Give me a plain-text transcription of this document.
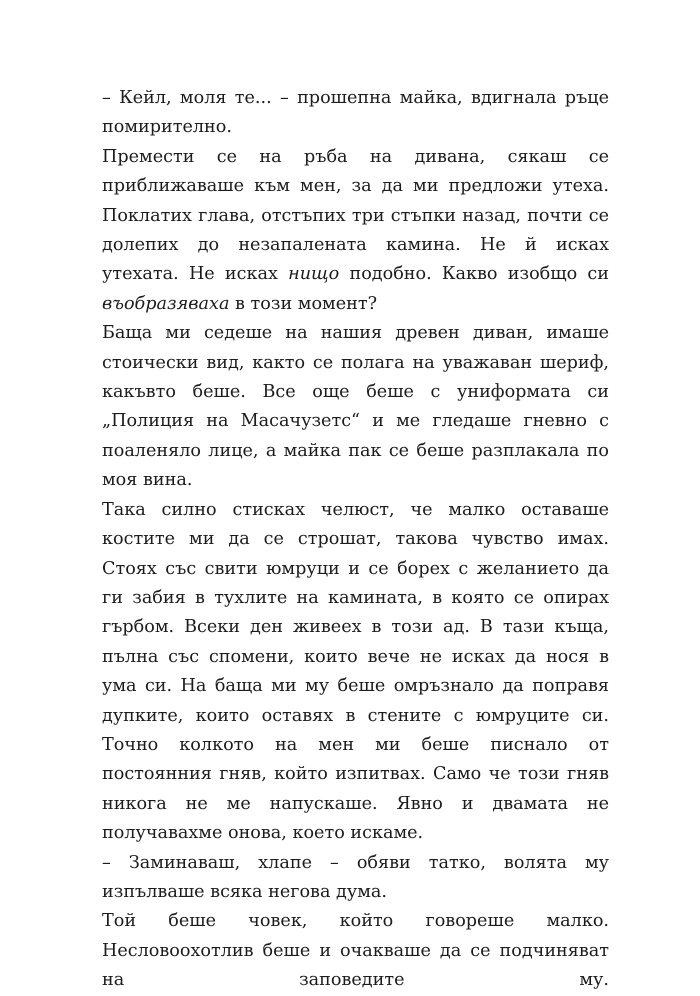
– Кейл, моля те... – прошепна майка, вдигнала ръце помирително.

Премести се на ръба на дивана, сякаш се приближаваше към мен, за да ми предложи утеха. Поклатих глава, отстъпих три стъпки назад, почти се долепих до незапалената камина. Не й исках утехата. Не исках нищо подобно. Какво изобщо си въобразяваха в този момент?

Баща ми седеше на нашия древен диван, имаше стоически вид, както се полага на уважаван шериф, какъвто беше. Все още беше с униформата си „Полиция на Масачузетс“ и ме гледаше гневно с поаленяло лице, а майка пак се беше разплакала по моя вина.

Така силно стисках челюст, че малко оставаше костите ми да се строшат, такова чувство имах. Стоях със свити юмруци и се борех с желанието да ги забия в тухлите на камината, в която се опирах гърбом. Всеки ден живеех в този ад. В тази къща, пълна със спомени, които вече не исках да нося в ума си. На баща ми му беше омръзнало да поправя дупките, които оставях в стените с юмруците си. Точно колкото на мен ми беше писнало от постоянния гняв, който изпитвах. Само че този гняв никога не ме напускаше. Явно и двамата не получавахме онова, което искаме.

– Заминаваш, хлапе – обяви татко, волята му изпълваше всяка негова дума.

Той беше човек, който говореше малко. Несловоохотлив беше и очакваше да се подчиняват на заповедите му.
